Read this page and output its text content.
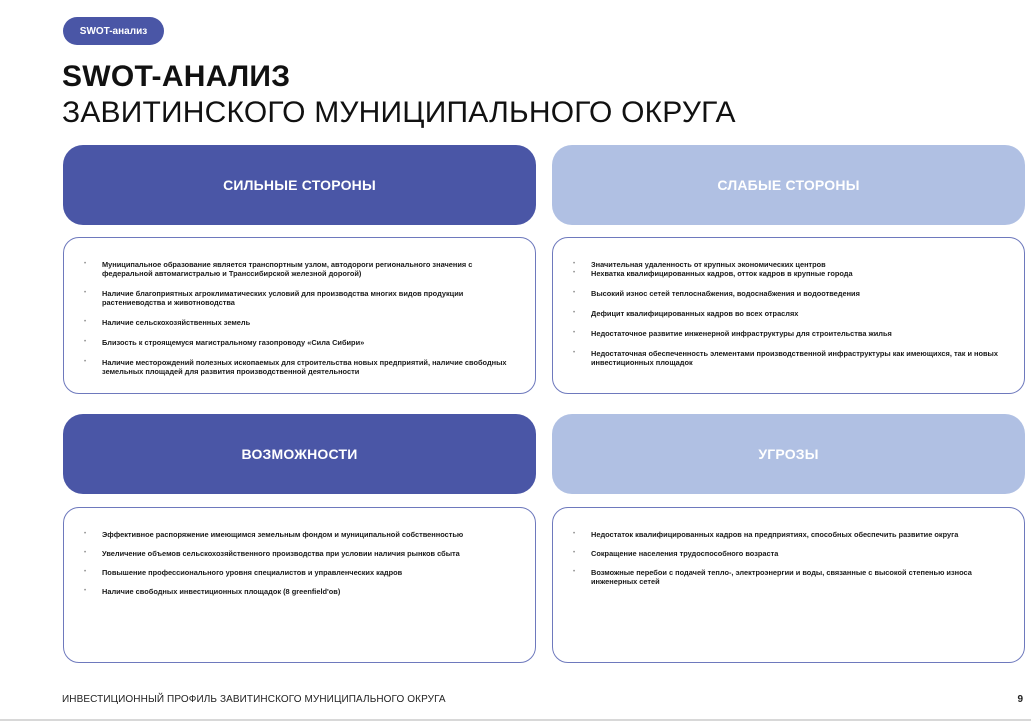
SWOT-анализ
SWOT-АНАЛИЗ
ЗАВИТИНСКОГО МУНИЦИПАЛЬНОГО ОКРУГА
СИЛЬНЫЕ СТОРОНЫ
• Муниципальное образование является транспортным узлом, автодороги регионального значения с федеральной автомагистралью и Транссибирской железной дорогой)
• Наличие благоприятных агроклиматических условий для производства многих видов продукции растениеводства и животноводства
• Наличие сельскохозяйственных земель
• Близость к строящемуся магистральному газопроводу «Сила Сибири»
• Наличие месторождений полезных ископаемых для строительства новых предприятий, наличие свободных земельных площадей для развития производственной деятельности
СЛАБЫЕ СТОРОНЫ
• Значительная удаленность от крупных экономических центров
• Нехватка квалифицированных кадров, отток кадров в крупные города
• Высокий износ сетей теплоснабжения, водоснабжения и водоотведения
• Дефицит квалифицированных кадров во всех отраслях
• Недостаточное развитие инженерной инфраструктуры для строительства жилья
• Недостаточная обеспеченность элементами производственной инфраструктуры как имеющихся, так и новых инвестиционных площадок
ВОЗМОЖНОСТИ
• Эффективное распоряжение имеющимся земельным фондом и муниципальной собственностью
• Увеличение объемов сельскохозяйственного производства при условии наличия рынков сбыта
• Повышение профессионального уровня специалистов и управленческих кадров
• Наличие свободных инвестиционных площадок (8 greenfield'ов)
УГРОЗЫ
• Недостаток квалифицированных кадров на предприятиях, способных обеспечить развитие округа
• Сокращение населения трудоспособного возраста
• Возможные перебои с подачей тепло-, электроэнергии и воды, связанные с высокой степенью износа инженерных сетей
ИНВЕСТИЦИОННЫЙ ПРОФИЛЬ ЗАВИТИНСКОГО МУНИЦИПАЛЬНОГО ОКРУГА	9
